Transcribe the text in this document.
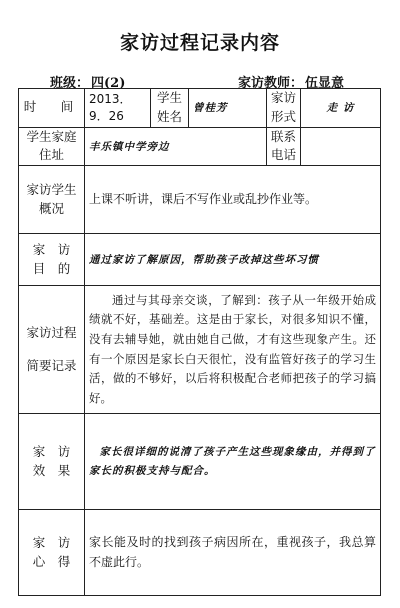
家访过程记录内容
班级： 四(2)	家访教师： 伍显意
时　间	2013．9．26	学生姓名	曾桂芳	家访形式	走 访
学生家庭住址	丰乐镇中学旁边			联系电话	
家访学生概况	上课不听讲，课后不写作业或乱抄作业等。				
家　访
目　的	通过家访了解原因，帮助孩子改掉这些坏习惯				

家访过程
简要记录	通过与其母亲交谈，了解到：孩子从一年级开始成绩就不好，基础差。这是由于家长，对很多知识不懂，没有去辅导她，就由她自己做，才有这些现象产生。还有一个原因是家长白天很忙，没有监管好孩子的学习生活，做的不够好，以后将积极配合老师把孩子的学习搞好。				
家　访
效　果	家长很详细的说清了孩子产生这些现象缘由，并得到了家长的积极支持与配合。				
家　访
心　得	家长能及时的找到孩子病因所在，重视孩子，我总算不虚此行。				
